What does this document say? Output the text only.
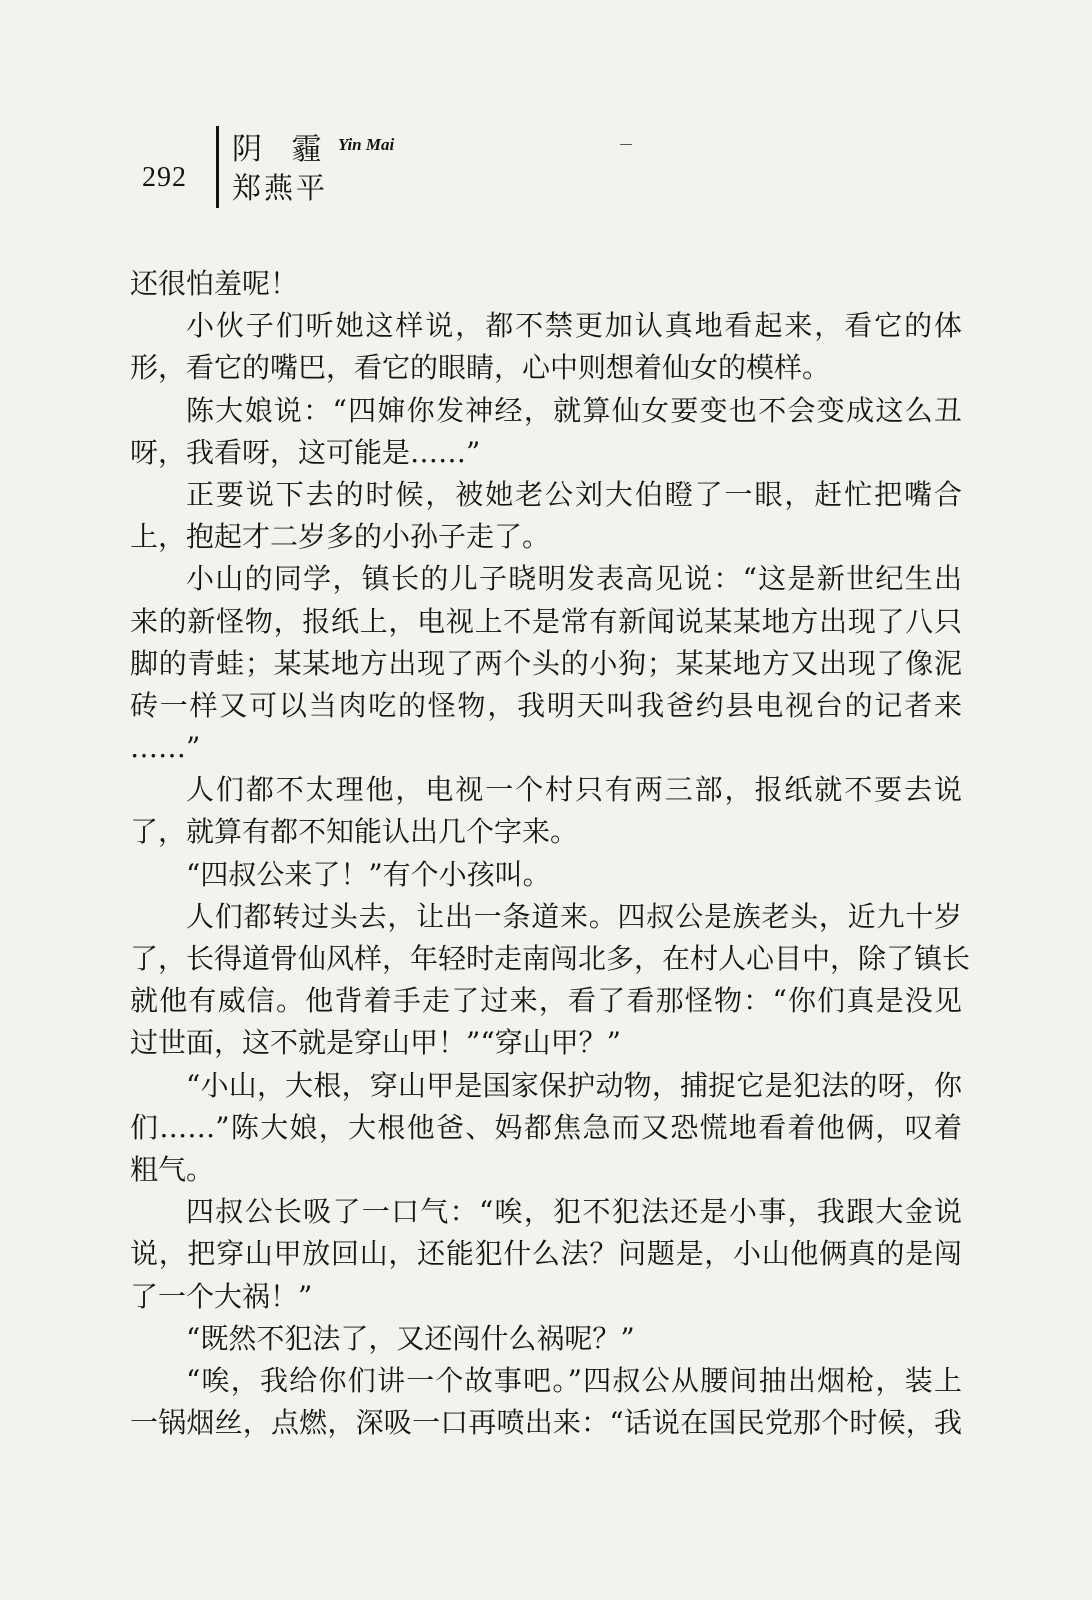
阴 霾 Yin Mai
292 郑燕平
还很怕羞呢！
小伙子们听她这样说，都不禁更加认真地看起来，看它的体
形，看它的嘴巴，看它的眼睛，心中则想着仙女的模样。
陈大娘说：“四婶你发神经，就算仙女要变也不会变成这么丑
呀，我看呀，这可能是……”
正要说下去的时候，被她老公刘大伯瞪了一眼，赶忙把嘴合
上，抱起才二岁多的小孙子走了。
小山的同学，镇长的儿子晓明发表高见说：“这是新世纪生出
来的新怪物，报纸上，电视上不是常有新闻说某某地方出现了八只
脚的青蛙；某某地方出现了两个头的小狗；某某地方又出现了像泥
砖一样又可以当肉吃的怪物，我明天叫我爸约县电视台的记者来
……”
人们都不太理他，电视一个村只有两三部，报纸就不要去说
了，就算有都不知能认出几个字来。
“四叔公来了！”有个小孩叫。
人们都转过头去，让出一条道来。四叔公是族老头，近九十岁
了，长得道骨仙风样，年轻时走南闯北多，在村人心目中，除了镇长
就他有威信。他背着手走了过来，看了看那怪物：“你们真是没见
过世面，这不就是穿山甲！”“穿山甲？”
“小山，大根，穿山甲是国家保护动物，捕捉它是犯法的呀，你
们……”陈大娘，大根他爸、妈都焦急而又恐慌地看着他俩，叹着
粗气。
四叔公长吸了一口气：“唉，犯不犯法还是小事，我跟大金说
说，把穿山甲放回山，还能犯什么法？问题是，小山他俩真的是闯
了一个大祸！”
“既然不犯法了，又还闯什么祸呢？”
“唉，我给你们讲一个故事吧。”四叔公从腰间抽出烟枪，装上
一锅烟丝，点燃，深吸一口再喷出来：“话说在国民党那个时候，我
